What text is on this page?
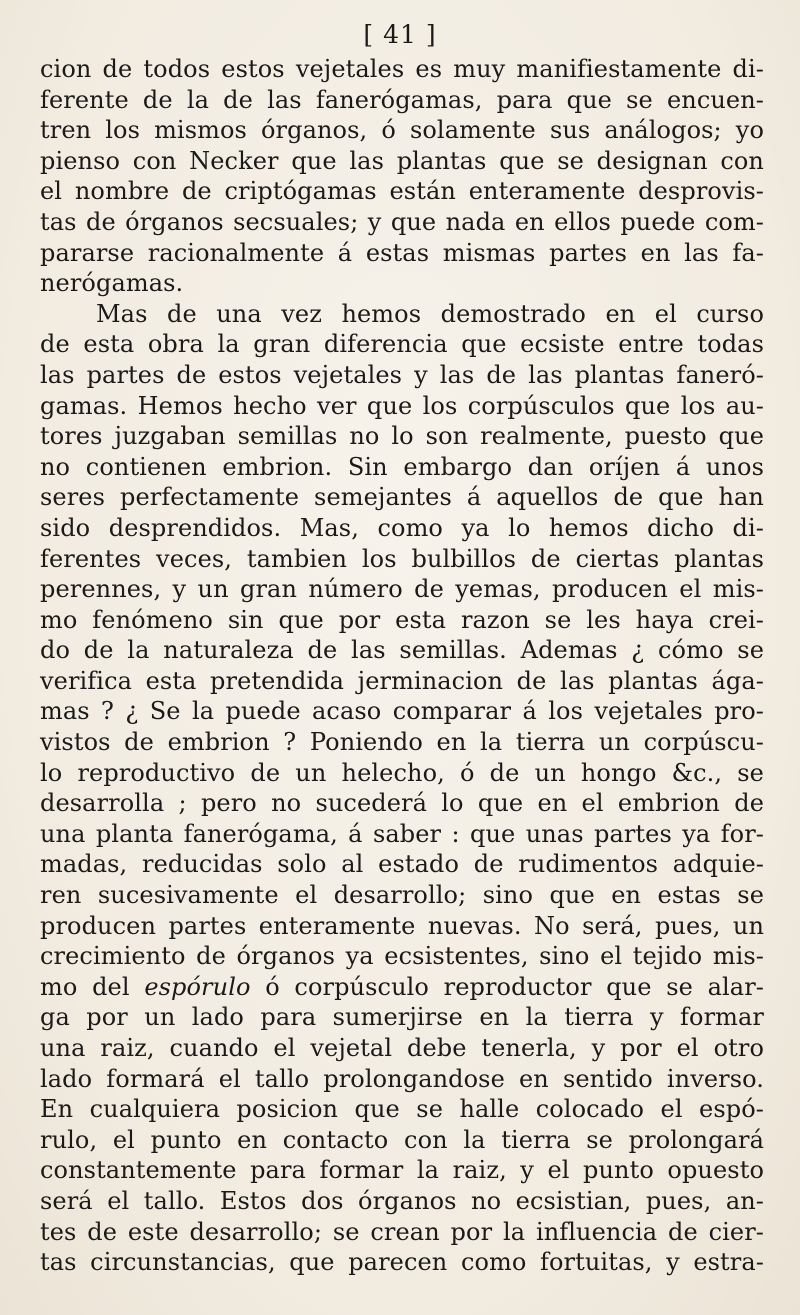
[ 41 ]
cion de todos estos vejetales es muy manifiestamente di-
ferente de la de las fanerógamas, para que se encuen-
tren los mismos órganos, ó solamente sus análogos; yo
pienso con Necker que las plantas que se designan con
el nombre de criptógamas están enteramente desprovis-
tas de órganos secsuales; y que nada en ellos puede com-
pararse racionalmente á estas mismas partes en las fa-
nerógamas.
Mas de una vez hemos demostrado en el curso
de esta obra la gran diferencia que ecsiste entre todas
las partes de estos vejetales y las de las plantas faneró-
gamas. Hemos hecho ver que los corpúsculos que los au-
tores juzgaban semillas no lo son realmente, puesto que
no contienen embrion. Sin embargo dan oríjen á unos
seres perfectamente semejantes á aquellos de que han
sido desprendidos. Mas, como ya lo hemos dicho di-
ferentes veces, tambien los bulbillos de ciertas plantas
perennes, y un gran número de yemas, producen el mis-
mo fenómeno sin que por esta razon se les haya crei-
do de la naturaleza de las semillas. Ademas ¿ cómo se
verifica esta pretendida jerminacion de las plantas ága-
mas ? ¿ Se la puede acaso comparar á los vejetales pro-
vistos de embrion ? Poniendo en la tierra un corpúscu-
lo reproductivo de un helecho, ó de un hongo &c., se
desarrolla ; pero no sucederá lo que en el embrion de
una planta fanerógama, á saber : que unas partes ya for-
madas, reducidas solo al estado de rudimentos adquie-
ren sucesivamente el desarrollo; sino que en estas se
producen partes enteramente nuevas. No será, pues, un
crecimiento de órganos ya ecsistentes, sino el tejido mis-
mo del espórulo ó corpúsculo reproductor que se alar-
ga por un lado para sumerjirse en la tierra y formar
una raiz, cuando el vejetal debe tenerla, y por el otro
lado formará el tallo prolongandose en sentido inverso.
En cualquiera posicion que se halle colocado el espó-
rulo, el punto en contacto con la tierra se prolongará
constantemente para formar la raiz, y el punto opuesto
será el tallo. Estos dos órganos no ecsistian, pues, an-
tes de este desarrollo; se crean por la influencia de cier-
tas circunstancias, que parecen como fortuitas, y estra-
